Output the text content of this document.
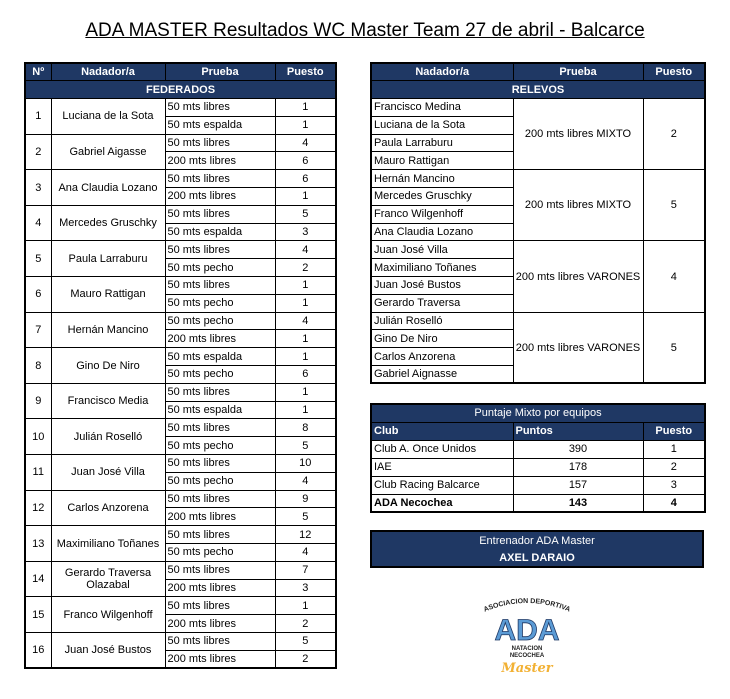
ADA MASTER Resultados WC Master Team 27 de abril - Balcarce
Nº	Nadador/a	Prueba	Puesto
FEDERADOS			
1	Luciana de la Sota	50 mts libres	1
		50 mts espalda	1
2	Gabriel Aigasse	50 mts libres	4
		200 mts libres	6
3	Ana Claudia Lozano	50 mts libres	6
		200 mts libres	1
4	Mercedes Gruschky	50 mts libres	5
		50 mts espalda	3
5	Paula Larraburu	50 mts libres	4
		50 mts pecho	2
6	Mauro Rattigan	50 mts libres	1
		50 mts pecho	1
7	Hernán Mancino	50 mts pecho	4
		200 mts libres	1
8	Gino De Niro	50 mts espalda	1
		50 mts pecho	6
9	Francisco Media	50 mts libres	1
		50 mts espalda	1
10	Julián Roselló	50 mts libres	8
		50 mts pecho	5
11	Juan José Villa	50 mts libres	10
		50 mts pecho	4
12	Carlos Anzorena	50 mts libres	9
		200 mts libres	5
13	Maximiliano Toñanes	50 mts libres	12
		50 mts pecho	4
14	Gerardo Traversa Olazabal	50 mts libres	7
		200 mts libres	3
15	Franco Wilgenhoff	50 mts libres	1
		200 mts libres	2
16	Juan José Bustos	50 mts libres	5
		200 mts libres	2
Nadador/a	Prueba	Puesto
RELEVOS		
Francisco Medina	200 mts libres MIXTO	2
Luciana de la Sota		
Paula Larraburu		
Mauro Rattigan		
Hernán Mancino	200 mts libres MIXTO	5
Mercedes Gruschky		
Franco Wilgenhoff		
Ana Claudia Lozano		
Juan José Villa	200 mts libres VARONES	4
Maximiliano Toñanes		
Juan José Bustos		
Gerardo Traversa		
Julián Roselló	200 mts libres VARONES	5
Gino De Niro		
Carlos Anzorena		
Gabriel Aignasse		
Puntaje Mixto por equipos		
Club	Puntos	Puesto
Club A. Once Unidos	390	1
IAE	178	2
Club Racing Balcarce	157	3
ADA Necochea	143	4
Entrenador ADA Master
AXEL DARAIO
ASOCIACION DEPORTIVA
ADA
NATACION
NECOCHEA
Master
